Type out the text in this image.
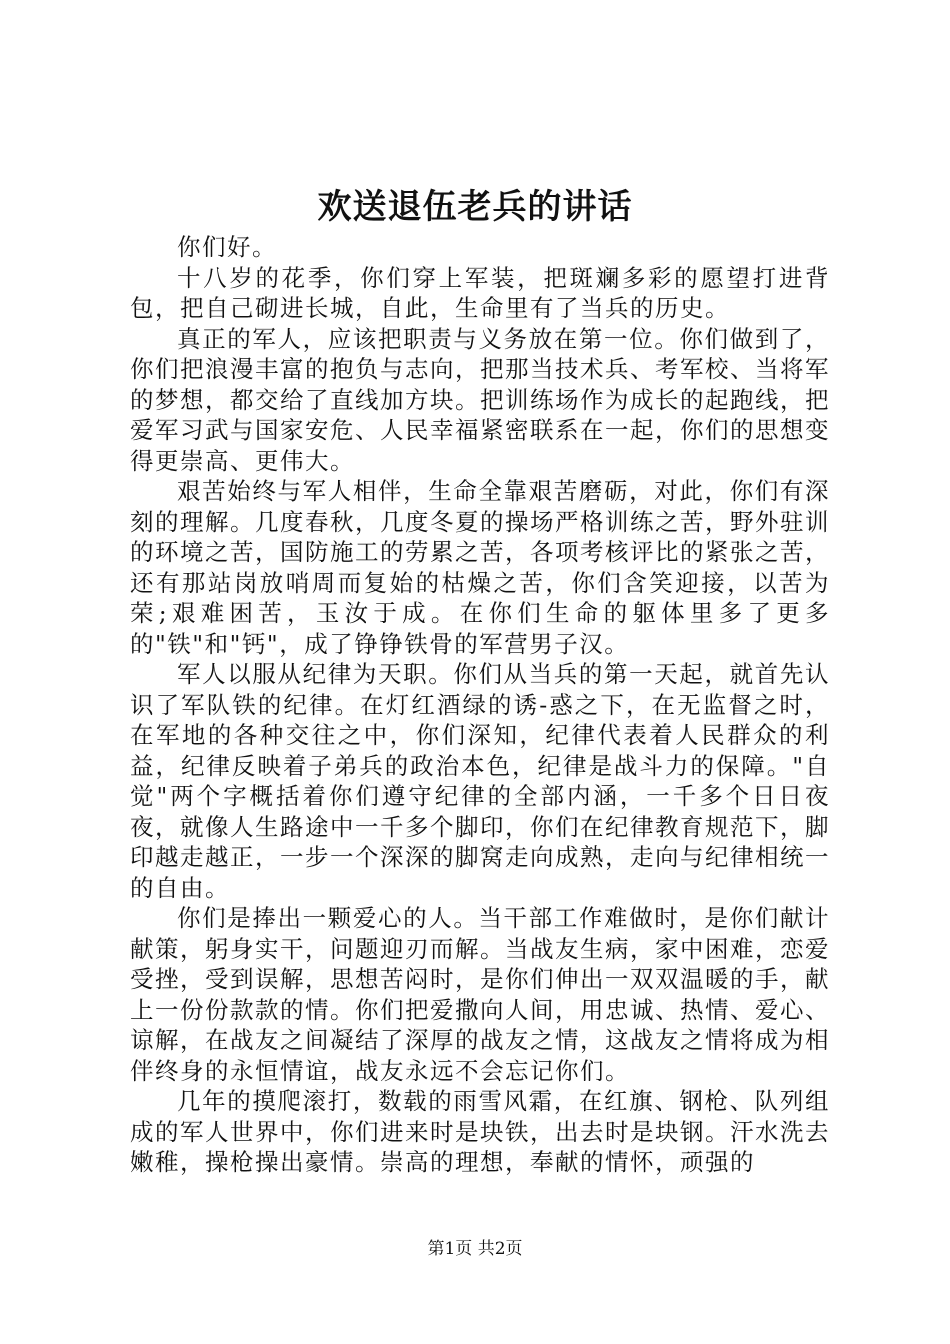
欢送退伍老兵的讲话

你们好。

十八岁的花季，你们穿上军装，把斑斓多彩的愿望打进背包，把自己砌进长城，自此，生命里有了当兵的历史。

真正的军人，应该把职责与义务放在第一位。你们做到了，你们把浪漫丰富的抱负与志向，把那当技术兵、考军校、当将军的梦想，都交给了直线加方块。把训练场作为成长的起跑线，把爱军习武与国家安危、人民幸福紧密联系在一起，你们的思想变得更崇高、更伟大。

艰苦始终与军人相伴，生命全靠艰苦磨砺，对此，你们有深刻的理解。几度春秋，几度冬夏的操场严格训练之苦，野外驻训的环境之苦，国防施工的劳累之苦，各项考核评比的紧张之苦，还有那站岗放哨周而复始的枯燥之苦，你们含笑迎接，以苦为荣;艰难困苦，玉汝于成。在你们生命的躯体里多了更多的"铁"和"钙"，成了铮铮铁骨的军营男子汉。

军人以服从纪律为天职。你们从当兵的第一天起，就首先认识了军队铁的纪律。在灯红酒绿的诱-惑之下，在无监督之时，在军地的各种交往之中，你们深知，纪律代表着人民群众的利益，纪律反映着子弟兵的政治本色，纪律是战斗力的保障。"自觉"两个字概括着你们遵守纪律的全部内涵，一千多个日日夜夜，就像人生路途中一千多个脚印，你们在纪律教育规范下，脚印越走越正，一步一个深深的脚窝走向成熟，走向与纪律相统一的自由。

你们是捧出一颗爱心的人。当干部工作难做时，是你们献计献策，躬身实干，问题迎刃而解。当战友生病，家中困难，恋爱受挫，受到误解，思想苦闷时，是你们伸出一双双温暖的手，献上一份份款款的情。你们把爱撒向人间，用忠诚、热情、爱心、谅解，在战友之间凝结了深厚的战友之情，这战友之情将成为相伴终身的永恒情谊，战友永远不会忘记你们。

几年的摸爬滚打，数载的雨雪风霜，在红旗、钢枪、队列组成的军人世界中，你们进来时是块铁，出去时是块钢。汗水洗去嫩稚，操枪操出豪情。崇高的理想，奉献的情怀，顽强的

第1页 共2页
